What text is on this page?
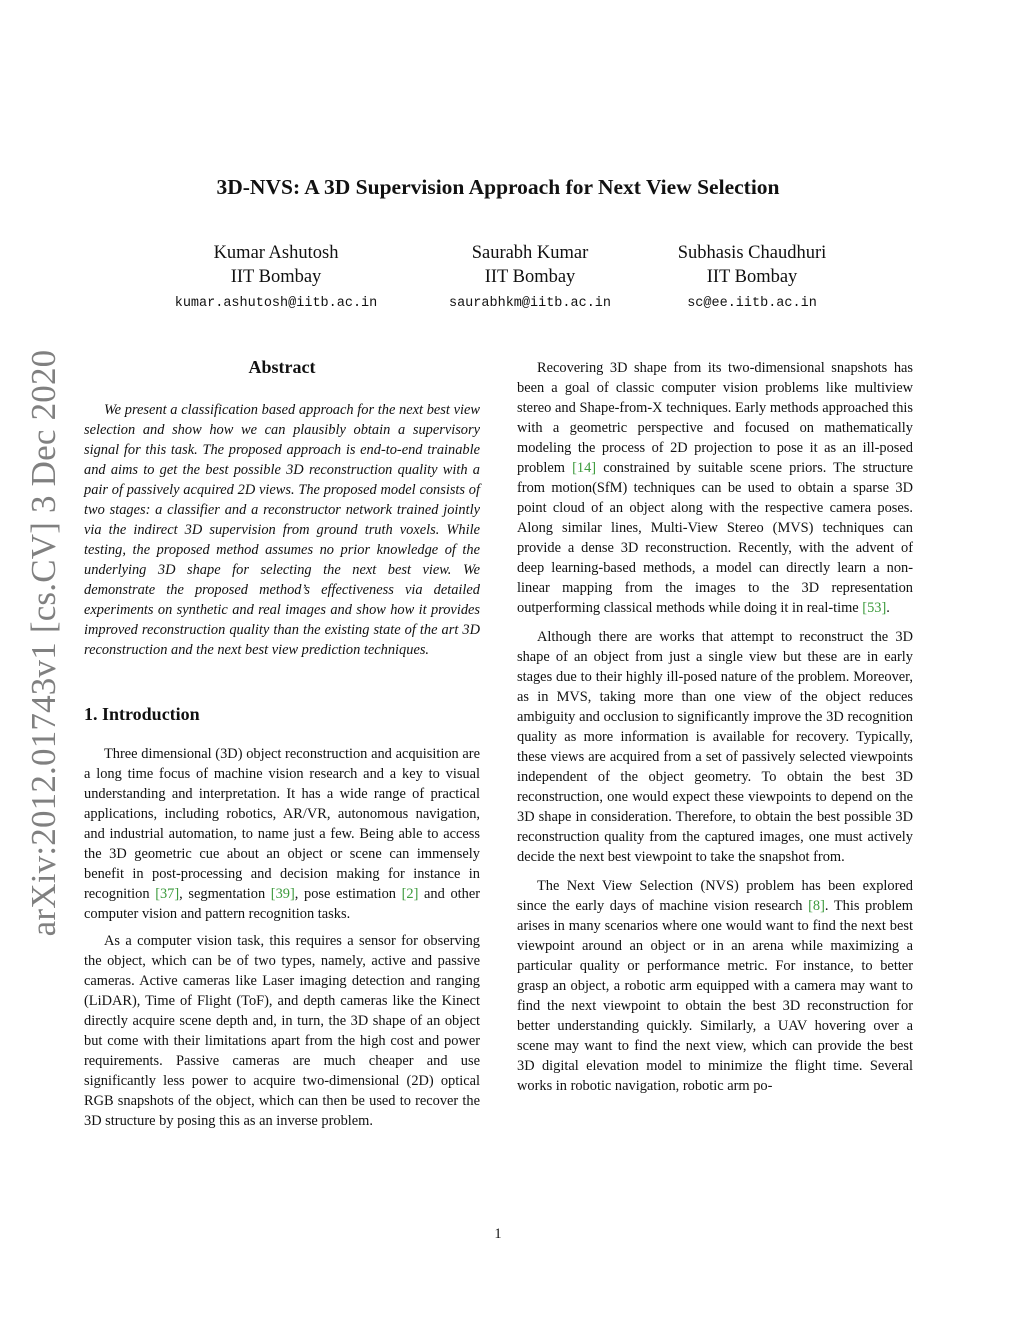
arXiv:2012.01743v1 [cs.CV] 3 Dec 2020
3D-NVS: A 3D Supervision Approach for Next View Selection
Kumar Ashutosh
IIT Bombay
kumar.ashutosh@iitb.ac.in
Saurabh Kumar
IIT Bombay
saurabhkm@iitb.ac.in
Subhasis Chaudhuri
IIT Bombay
sc@ee.iitb.ac.in
Abstract

We present a classification based approach for the next best view selection and show how we can plausibly obtain a supervisory signal for this task. The proposed approach is end-to-end trainable and aims to get the best possible 3D reconstruction quality with a pair of passively acquired 2D views. The proposed model consists of two stages: a classifier and a reconstructor network trained jointly via the indirect 3D supervision from ground truth voxels. While testing, the proposed method assumes no prior knowledge of the underlying 3D shape for selecting the next best view. We demonstrate the proposed method’s effectiveness via detailed experiments on synthetic and real images and show how it provides improved reconstruction quality than the existing state of the art 3D reconstruction and the next best view prediction techniques.

1. Introduction

Three dimensional (3D) object reconstruction and acquisition are a long time focus of machine vision research and a key to visual understanding and interpretation. It has a wide range of practical applications, including robotics, AR/VR, autonomous navigation, and industrial automation, to name just a few. Being able to access the 3D geometric cue about an object or scene can immensely benefit in post-processing and decision making for instance in recognition [37], segmentation [39], pose estimation [2] and other computer vision and pattern recognition tasks.

As a computer vision task, this requires a sensor for observing the object, which can be of two types, namely, active and passive cameras. Active cameras like Laser imaging detection and ranging (LiDAR), Time of Flight (ToF), and depth cameras like the Kinect directly acquire scene depth and, in turn, the 3D shape of an object but come with their limitations apart from the high cost and power requirements. Passive cameras are much cheaper and use significantly less power to acquire two-dimensional (2D) optical RGB snapshots of the object, which can then be used to recover the 3D structure by posing this as an inverse problem.

Recovering 3D shape from its two-dimensional snapshots has been a goal of classic computer vision problems like multiview stereo and Shape-from-X techniques. Early methods approached this with a geometric perspective and focused on mathematically modeling the process of 2D projection to pose it as an ill-posed problem [14] constrained by suitable scene priors. The structure from motion(SfM) techniques can be used to obtain a sparse 3D point cloud of an object along with the respective camera poses. Along similar lines, Multi-View Stereo (MVS) techniques can provide a dense 3D reconstruction. Recently, with the advent of deep learning-based methods, a model can directly learn a non-linear mapping from the images to the 3D representation outperforming classical methods while doing it in real-time [53].

Although there are works that attempt to reconstruct the 3D shape of an object from just a single view but these are in early stages due to their highly ill-posed nature of the problem. Moreover, as in MVS, taking more than one view of the object reduces ambiguity and occlusion to significantly improve the 3D recognition quality as more information is available for recovery. Typically, these views are acquired from a set of passively selected viewpoints independent of the object geometry. To obtain the best 3D reconstruction, one would expect these viewpoints to depend on the 3D shape in consideration. Therefore, to obtain the best possible 3D reconstruction quality from the captured images, one must actively decide the next best viewpoint to take the snapshot from.

The Next View Selection (NVS) problem has been explored since the early days of machine vision research [8]. This problem arises in many scenarios where one would want to find the next best viewpoint around an object or in an arena while maximizing a particular quality or performance metric. For instance, to better grasp an object, a robotic arm equipped with a camera may want to find the next viewpoint to obtain the best 3D reconstruction for better understanding quickly. Similarly, a UAV hovering over a scene may want to find the next view, which can provide the best 3D digital elevation model to minimize the flight time. Several works in robotic navigation, robotic arm po-

1
